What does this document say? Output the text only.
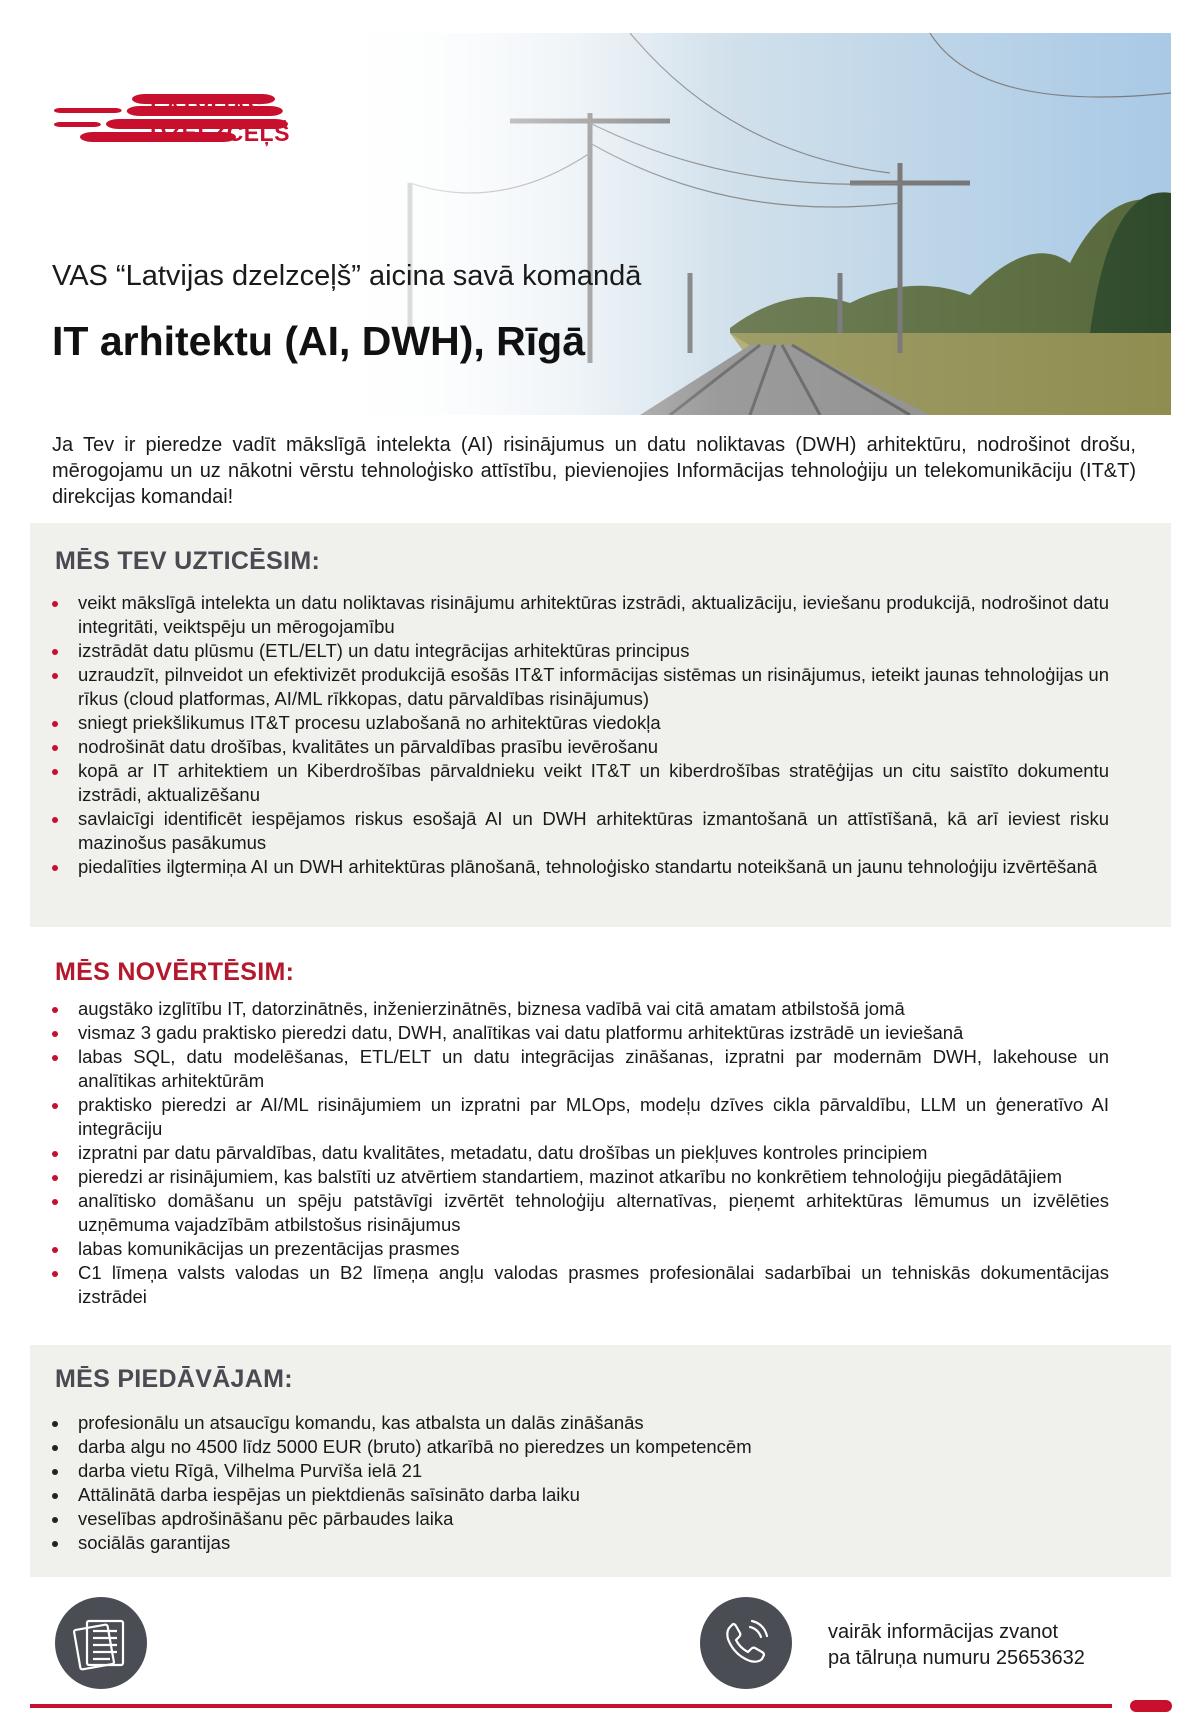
LATVIJAS
DZELZCEĻŠ
VAS “Latvijas dzelzceļš” aicina savā komandā
IT arhitektu (AI, DWH), Rīgā
Ja Tev ir pieredze vadīt mākslīgā intelekta (AI) risinājumus un datu noliktavas (DWH) arhitektūru, nodrošinot drošu, mērogojamu un uz nākotni vērstu tehnoloģisko attīstību, pievienojies Informācijas tehnoloģiju un telekomunikāciju (IT&T) direkcijas komandai!
MĒS TEV UZTICĒSIM:
veikt mākslīgā intelekta un datu noliktavas risinājumu arhitektūras izstrādi, aktualizāciju, ieviešanu produkcijā, nodrošinot datu integritāti, veiktspēju un mērogojamību
izstrādāt datu plūsmu (ETL/ELT) un datu integrācijas arhitektūras principus
uzraudzīt, pilnveidot un efektivizēt produkcijā esošās IT&T informācijas sistēmas un risinājumus, ieteikt jaunas tehnoloģijas un rīkus (cloud platformas, AI/ML rīkkopas, datu pārvaldības risinājumus)
sniegt priekšlikumus IT&T procesu uzlabošanā no arhitektūras viedokļa
nodrošināt datu drošības, kvalitātes un pārvaldības prasību ievērošanu
kopā ar IT arhitektiem un Kiberdrošības pārvaldnieku veikt IT&T un kiberdrošības stratēģijas un citu saistīto dokumentu izstrādi, aktualizēšanu
savlaicīgi identificēt iespējamos riskus esošajā AI un DWH arhitektūras izmantošanā un attīstīšanā, kā arī ieviest risku mazinošus pasākumus
piedalīties ilgtermiņa AI un DWH arhitektūras plānošanā, tehnoloģisko standartu noteikšanā un jaunu tehnoloģiju izvērtēšanā
MĒS NOVĒRTĒSIM:
augstāko izglītību IT, datorzinātnēs, inženierzinātnēs, biznesa vadībā vai citā amatam atbilstošā jomā
vismaz 3 gadu praktisko pieredzi datu, DWH, analītikas vai datu platformu arhitektūras izstrādē un ieviešanā
labas SQL, datu modelēšanas, ETL/ELT un datu integrācijas zināšanas, izpratni par modernām DWH, lakehouse un analītikas arhitektūrām
praktisko pieredzi ar AI/ML risinājumiem un izpratni par MLOps, modeļu dzīves cikla pārvaldību, LLM un ģeneratīvo AI integrāciju
izpratni par datu pārvaldības, datu kvalitātes, metadatu, datu drošības un piekļuves kontroles principiem
pieredzi ar risinājumiem, kas balstīti uz atvērtiem standartiem, mazinot atkarību no konkrētiem tehnoloģiju piegādātājiem
analītisko domāšanu un spēju patstāvīgi izvērtēt tehnoloģiju alternatīvas, pieņemt arhitektūras lēmumus un izvēlēties uzņēmuma vajadzībām atbilstošus risinājumus
labas komunikācijas un prezentācijas prasmes
C1 līmeņa valsts valodas un B2 līmeņa angļu valodas prasmes profesionālai sadarbībai un tehniskās dokumentācijas izstrādei
MĒS PIEDĀVĀJAM:
profesionālu un atsaucīgu komandu, kas atbalsta un dalās zināšanās
darba algu no 4500 līdz 5000 EUR (bruto) atkarībā no pieredzes un kompetencēm
darba vietu Rīgā, Vilhelma Purvīša ielā 21
Attālinātā darba iespējas un piektdienās saīsināto darba laiku
veselības apdrošināšanu pēc pārbaudes laika
sociālās garantijas
vairāk informācijas zvanot
pa tālruņa numuru 25653632
